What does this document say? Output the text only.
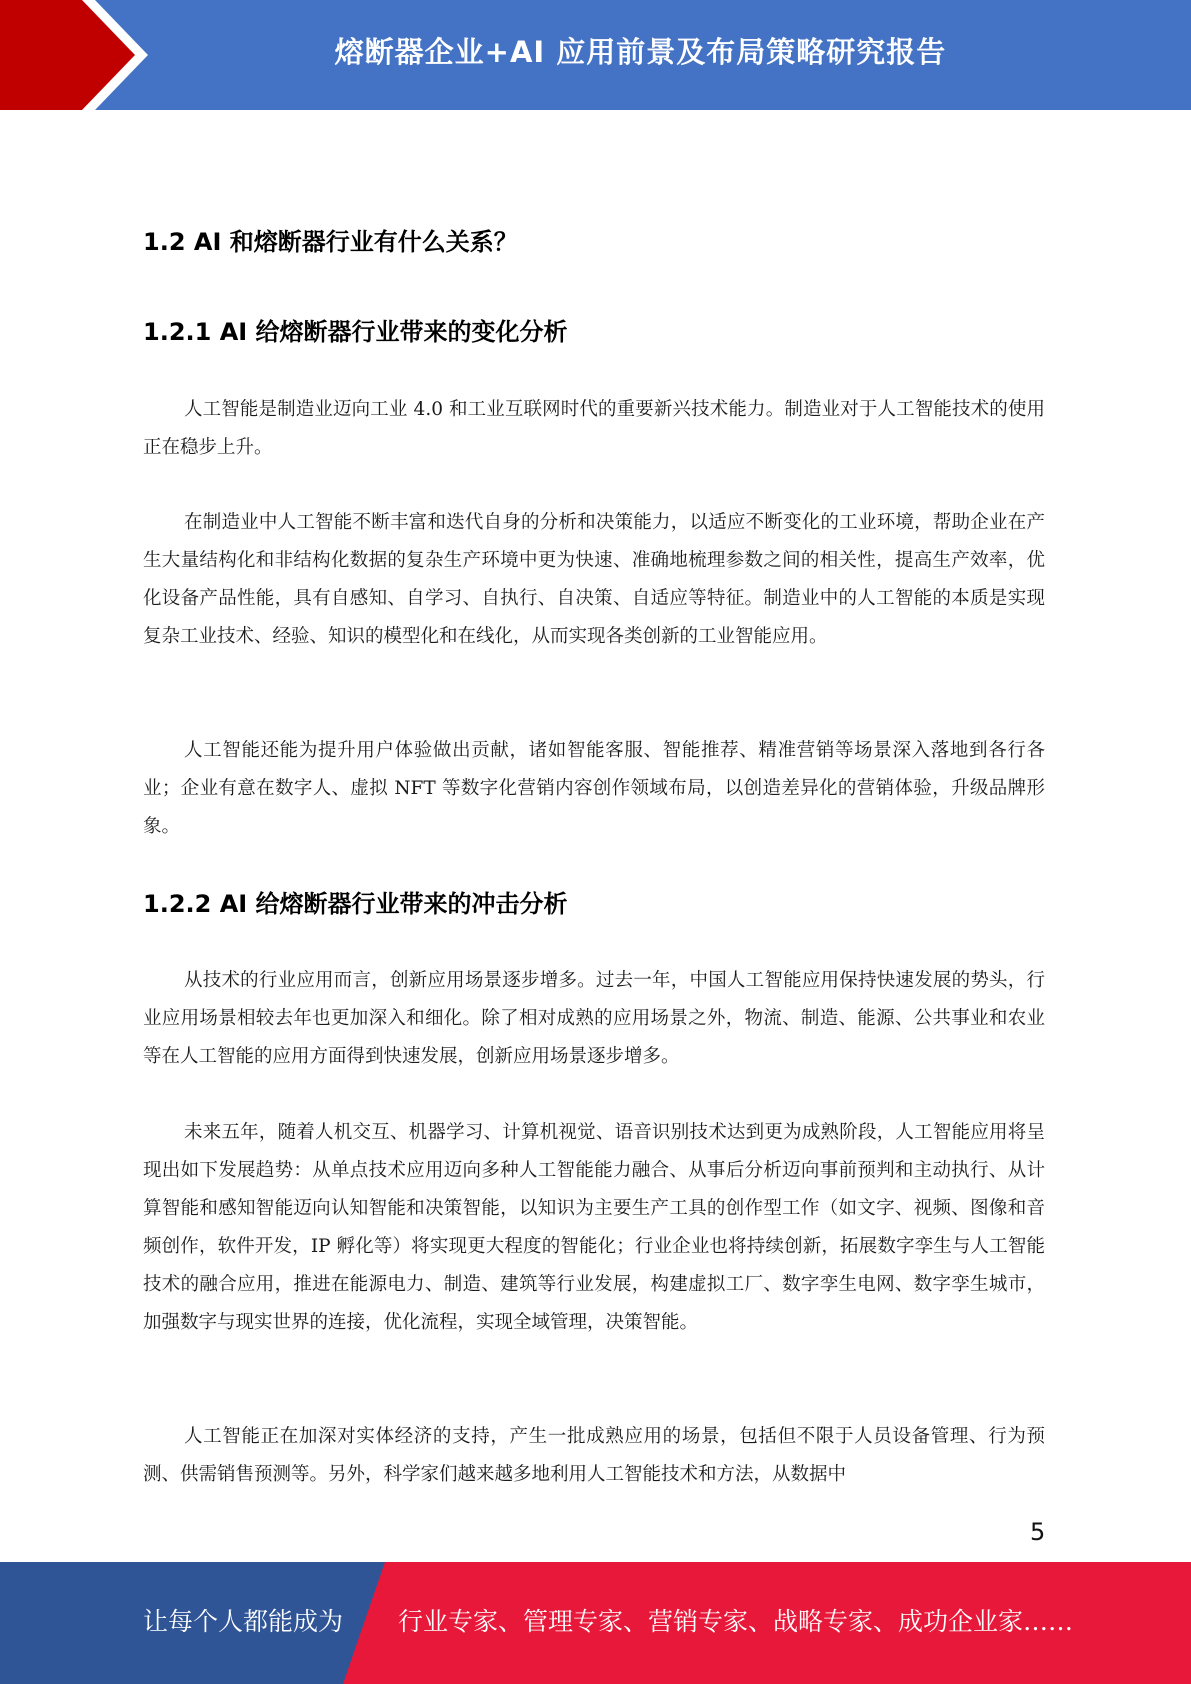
熔断器企业+AI 应用前景及布局策略研究报告
1.2 AI 和熔断器行业有什么关系？
1.2.1 AI 给熔断器行业带来的变化分析

人工智能是制造业迈向工业 4.0 和工业互联网时代的重要新兴技术能力。制造业对于人工智能技术的使用正在稳步上升。

在制造业中人工智能不断丰富和迭代自身的分析和决策能力，以适应不断变化的工业环境，帮助企业在产生大量结构化和非结构化数据的复杂生产环境中更为快速、准确地梳理参数之间的相关性，提高生产效率，优化设备产品性能，具有自感知、自学习、自执行、自决策、自适应等特征。制造业中的人工智能的本质是实现复杂工业技术、经验、知识的模型化和在线化，从而实现各类创新的工业智能应用。

人工智能还能为提升用户体验做出贡献，诸如智能客服、智能推荐、精准营销等场景深入落地到各行各业；企业有意在数字人、虚拟 NFT 等数字化营销内容创作领域布局，以创造差异化的营销体验，升级品牌形象。

1.2.2 AI 给熔断器行业带来的冲击分析

从技术的行业应用而言，创新应用场景逐步增多。过去一年，中国人工智能应用保持快速发展的势头，行业应用场景相较去年也更加深入和细化。除了相对成熟的应用场景之外，物流、制造、能源、公共事业和农业等在人工智能的应用方面得到快速发展，创新应用场景逐步增多。

未来五年，随着人机交互、机器学习、计算机视觉、语音识别技术达到更为成熟阶段，人工智能应用将呈现出如下发展趋势：从单点技术应用迈向多种人工智能能力融合、从事后分析迈向事前预判和主动执行、从计算智能和感知智能迈向认知智能和决策智能，以知识为主要生产工具的创作型工作（如文字、视频、图像和音频创作，软件开发，IP 孵化等）将实现更大程度的智能化；行业企业也将持续创新，拓展数字孪生与人工智能技术的融合应用，推进在能源电力、制造、建筑等行业发展，构建虚拟工厂、数字孪生电网、数字孪生城市，加强数字与现实世界的连接，优化流程，实现全域管理，决策智能。

人工智能正在加深对实体经济的支持，产生一批成熟应用的场景，包括但不限于人员设备管理、行为预测、供需销售预测等。另外，科学家们越来越多地利用人工智能技术和方法，从数据中

5
让每个人都能成为 行业专家、管理专家、营销专家、战略专家、成功企业家……
